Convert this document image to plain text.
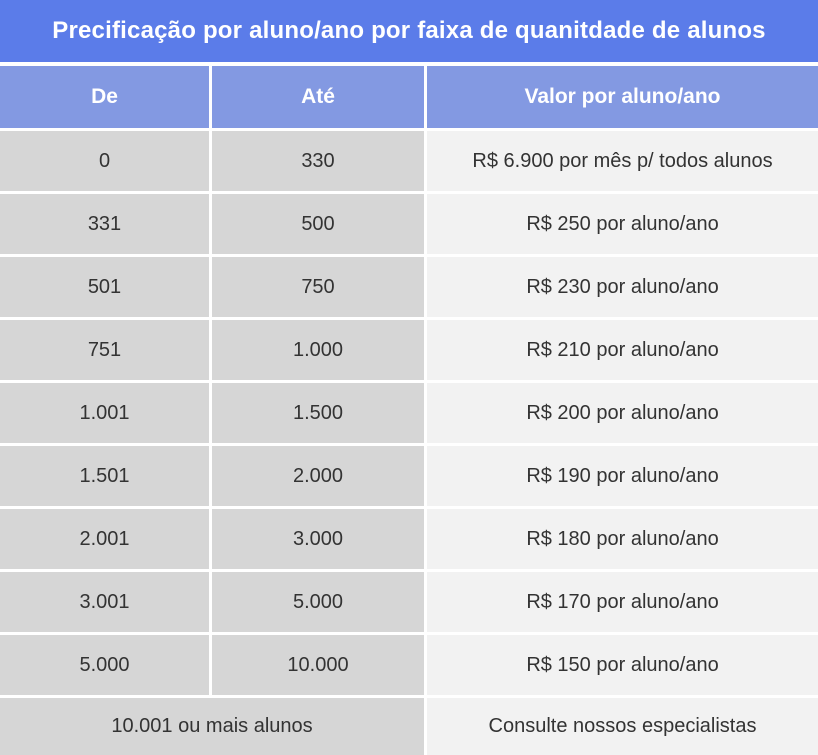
Precificação por aluno/ano por faixa de quanitdade de alunos
De	Até	Valor por aluno/ano
0	330	R$ 6.900 por mês p/ todos alunos
331	500	R$ 250 por aluno/ano
501	750	R$ 230 por aluno/ano
751	1.000	R$ 210 por aluno/ano
1.001	1.500	R$ 200 por aluno/ano
1.501	2.000	R$ 190 por aluno/ano
2.001	3.000	R$ 180 por aluno/ano
3.001	5.000	R$ 170 por aluno/ano
5.000	10.000	R$ 150 por aluno/ano
10.001 ou mais alunos	Consulte nossos especialistas
